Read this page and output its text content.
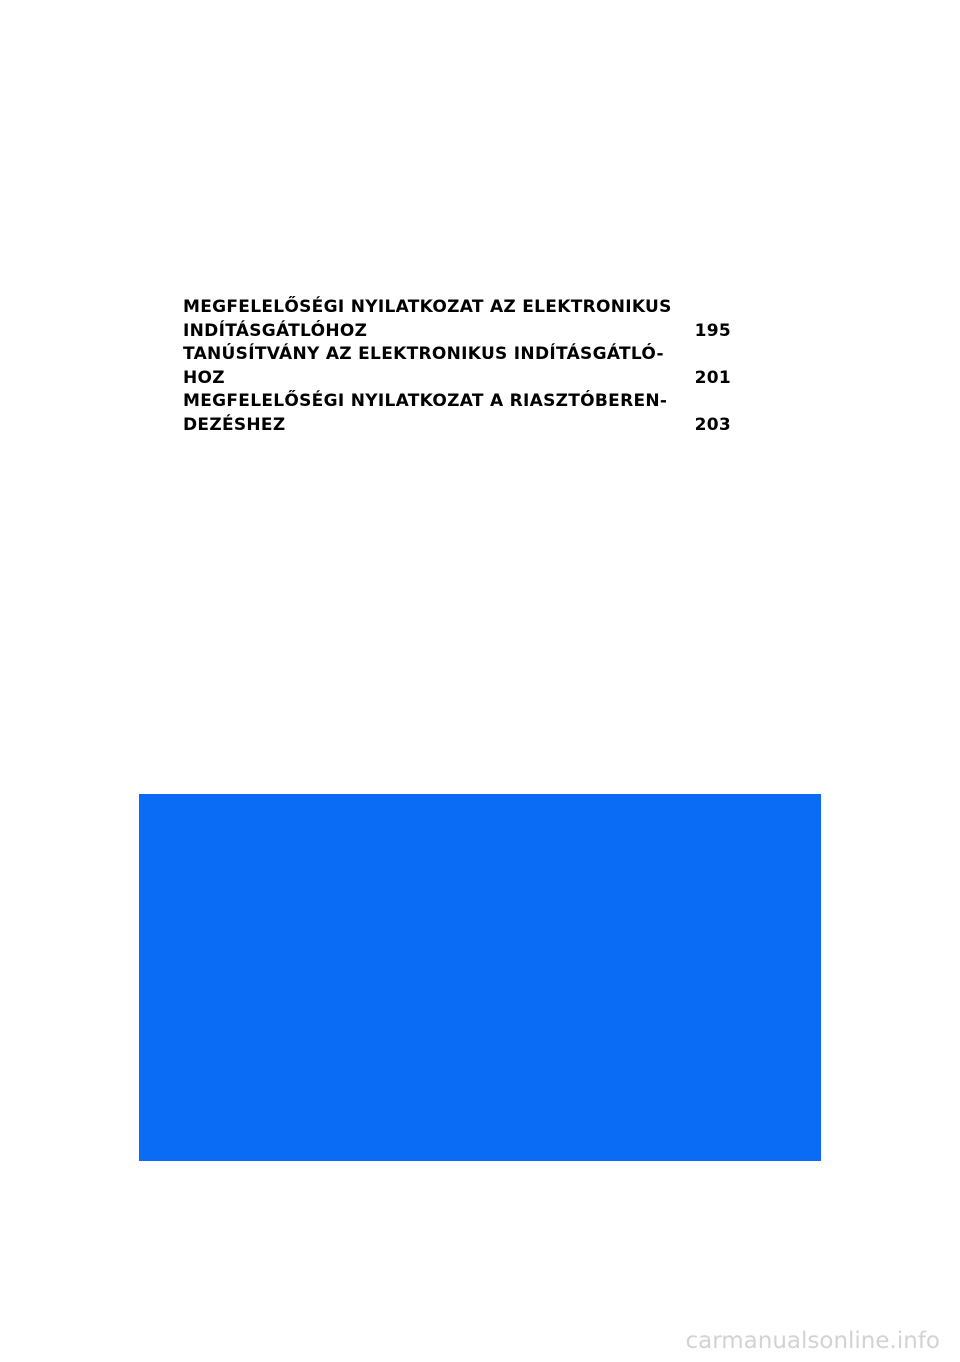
MEGFELELŐSÉGI NYILATKOZAT AZ ELEKTRONIKUS
INDÍTÁSGÁTLÓHOZ	195
TANÚSÍTVÁNY AZ ELEKTRONIKUS INDÍTÁSGÁTLÓ-
HOZ	201
MEGFELELŐSÉGI NYILATKOZAT A RIASZTÓBEREN-
DEZÉSHEZ	203
carmanualsonline.info
